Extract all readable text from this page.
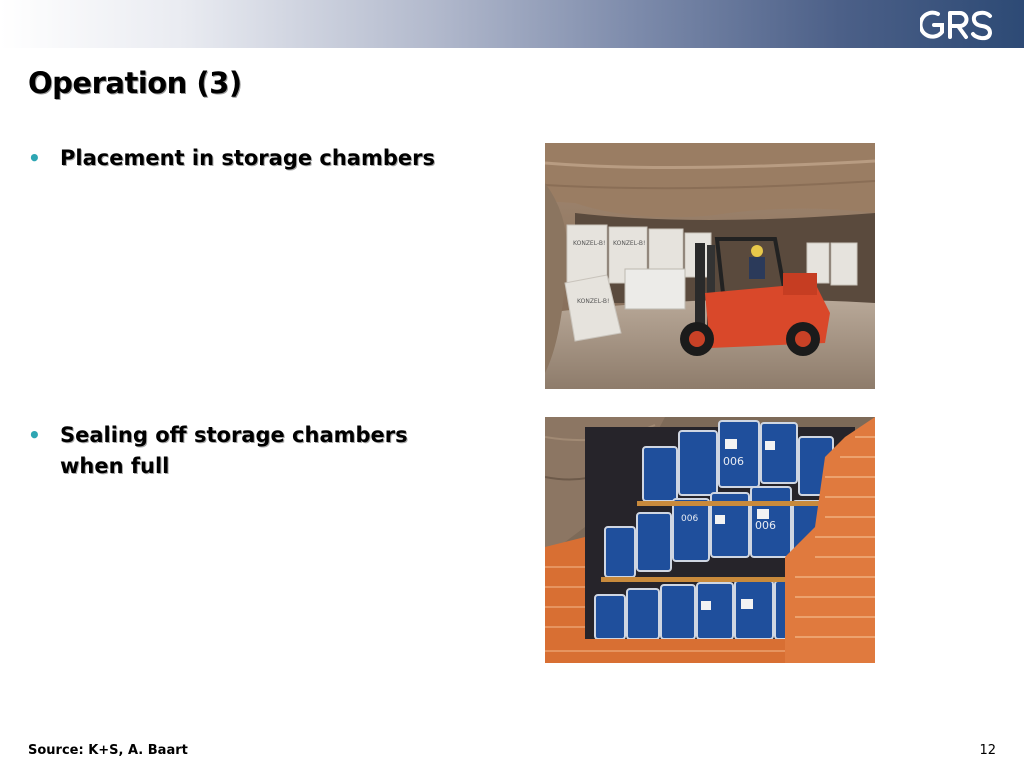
Operation (3)
• Placement in storage chambers
• Sealing off storage chambers when full
KONZEL-B! KONZEL-B!
KONZEL-B!
006
006
006
Source: K+S, A. Baart	12
